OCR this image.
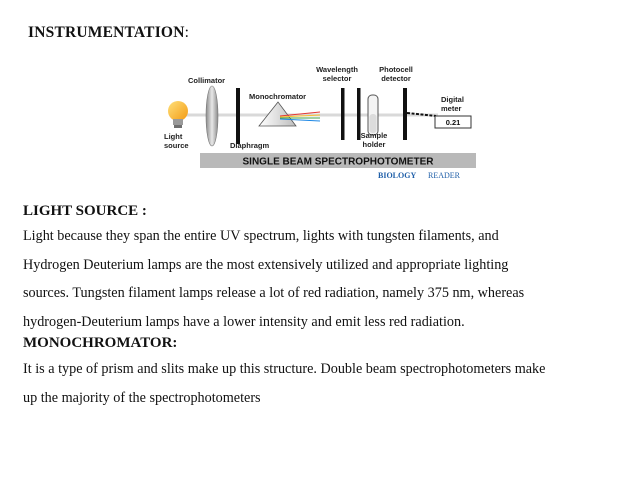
INSTRUMENTATION:
Collimator
Wavelength
selector
Photocell
detector
Monochromator	Digital
meter
0.21
Light
source	Diaphragm
Sample
holder
SINGLE BEAM SPECTROPHOTOMETER
BIOLOGY READER
LIGHT SOURCE :
Light because they span the entire UV spectrum, lights with tungsten filaments, and
Hydrogen Deuterium lamps are the most extensively utilized and appropriate lighting
sources. Tungsten filament lamps release a lot of red radiation, namely 375 nm, whereas
hydrogen-Deuterium lamps have a lower intensity and emit less red radiation.
MONOCHROMATOR:
It is a type of prism and slits make up this structure. Double beam spectrophotometers make
up the majority of the spectrophotometers
